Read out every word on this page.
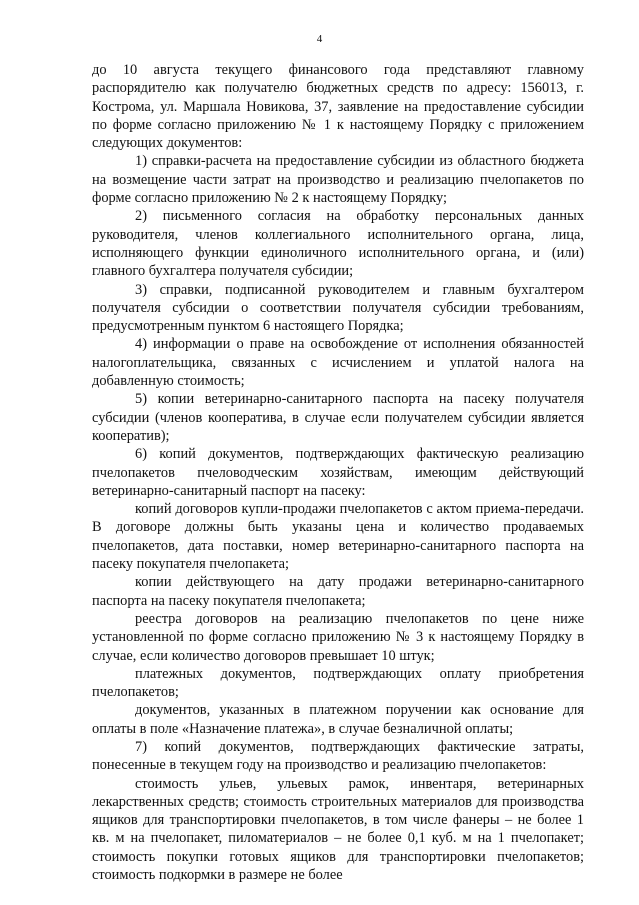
4

до 10 августа текущего финансового года представляют главному распорядителю как получателю бюджетных средств по адресу: 156013, г. Кострома, ул. Маршала Новикова, 37, заявление на предоставление субсидии по форме согласно приложению № 1 к настоящему Порядку с приложением следующих документов:

1) справки-расчета на предоставление субсидии из областного бюджета на возмещение части затрат на производство и реализацию пчелопакетов по форме согласно приложению № 2 к настоящему Порядку;

2) письменного согласия на обработку персональных данных руководителя, членов коллегиального исполнительного органа, лица, исполняющего функции единоличного исполнительного органа, и (или) главного бухгалтера получателя субсидии;

3) справки, подписанной руководителем и главным бухгалтером получателя субсидии о соответствии получателя субсидии требованиям, предусмотренным пунктом 6 настоящего Порядка;

4) информации о праве на освобождение от исполнения обязанностей налогоплательщика, связанных с исчислением и уплатой налога на добавленную стоимость;

5) копии ветеринарно-санитарного паспорта на пасеку получателя субсидии (членов кооператива, в случае если получателем субсидии является кооператив);

6) копий документов, подтверждающих фактическую реализацию пчелопакетов пчеловодческим хозяйствам, имеющим действующий ветеринарно-санитарный паспорт на пасеку:

копий договоров купли-продажи пчелопакетов с актом приема-передачи. В договоре должны быть указаны цена и количество продаваемых пчелопакетов, дата поставки, номер ветеринарно-санитарного паспорта на пасеку покупателя пчелопакета;

копии действующего на дату продажи ветеринарно-санитарного паспорта на пасеку покупателя пчелопакета;

реестра договоров на реализацию пчелопакетов по цене ниже установленной по форме согласно приложению № 3 к настоящему Порядку в случае, если количество договоров превышает 10 штук;

платежных документов, подтверждающих оплату приобретения пчелопакетов;

документов, указанных в платежном поручении как основание для оплаты в поле «Назначение платежа», в случае безналичной оплаты;

7) копий документов, подтверждающих фактические затраты, понесенные в текущем году на производство и реализацию пчелопакетов:

стоимость ульев, ульевых рамок, инвентаря, ветеринарных лекарственных средств; стоимость строительных материалов для производства ящиков для транспортировки пчелопакетов, в том числе фанеры – не более 1 кв. м на пчелопакет, пиломатериалов – не более 0,1 куб. м на 1 пчелопакет; стоимость покупки готовых ящиков для транспортировки пчелопакетов; стоимость подкормки в размере не более
